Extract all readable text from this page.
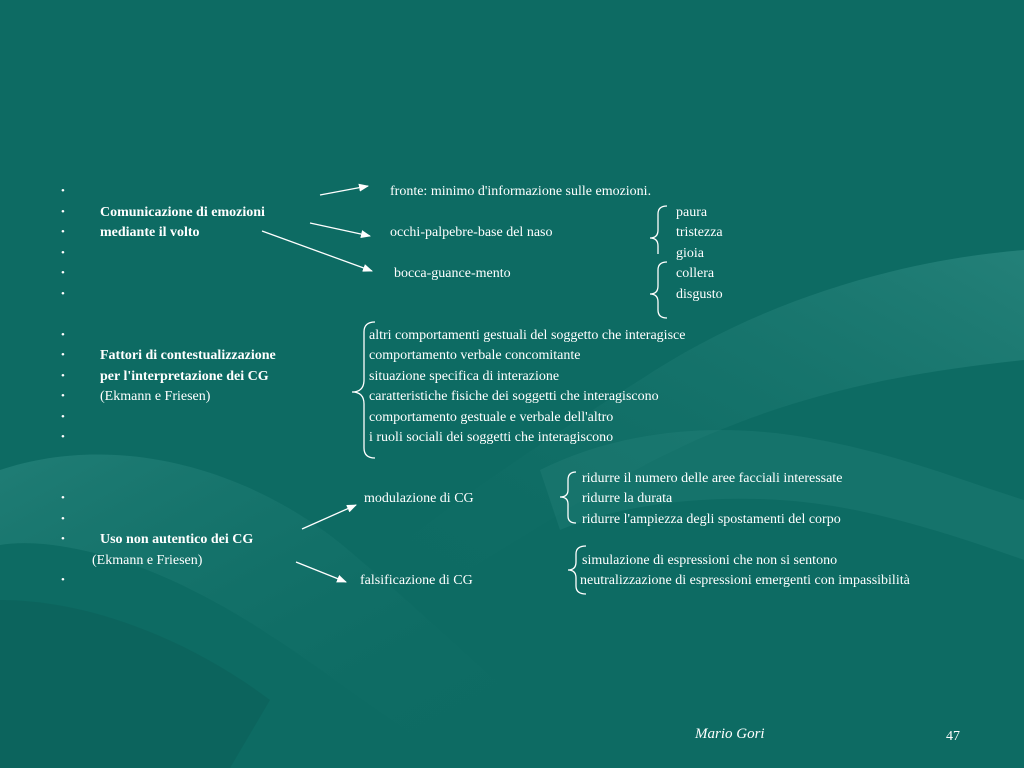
•
•
•
•
•
•
•
•
•
•
•
•
•
•
•
•
Comunicazione di emozioni
mediante il volto
fronte: minimo d'informazione sulle emozioni.
occhi-palpebre-base del naso
bocca-guance-mento
paura
tristezza
gioia
collera
disgusto
Fattori di contestualizzazione
per l'interpretazione dei CG
(Ekmann e Friesen)
altri comportamenti gestuali del soggetto che interagisce
comportamento verbale concomitante
situazione specifica di interazione
caratteristiche fisiche dei soggetti che interagiscono
comportamento gestuale e verbale dell'altro
i ruoli sociali dei soggetti che interagiscono
ridurre il numero delle aree facciali interessate
modulazione di CG	ridurre la durata
ridurre l'ampiezza degli spostamenti del corpo
Uso non autentico dei CG
(Ekmann e Friesen)	simulazione di espressioni che non si sentono
falsificazione di CG	neutralizzazione di espressioni emergenti con impassibilità
Mario Gori	47
